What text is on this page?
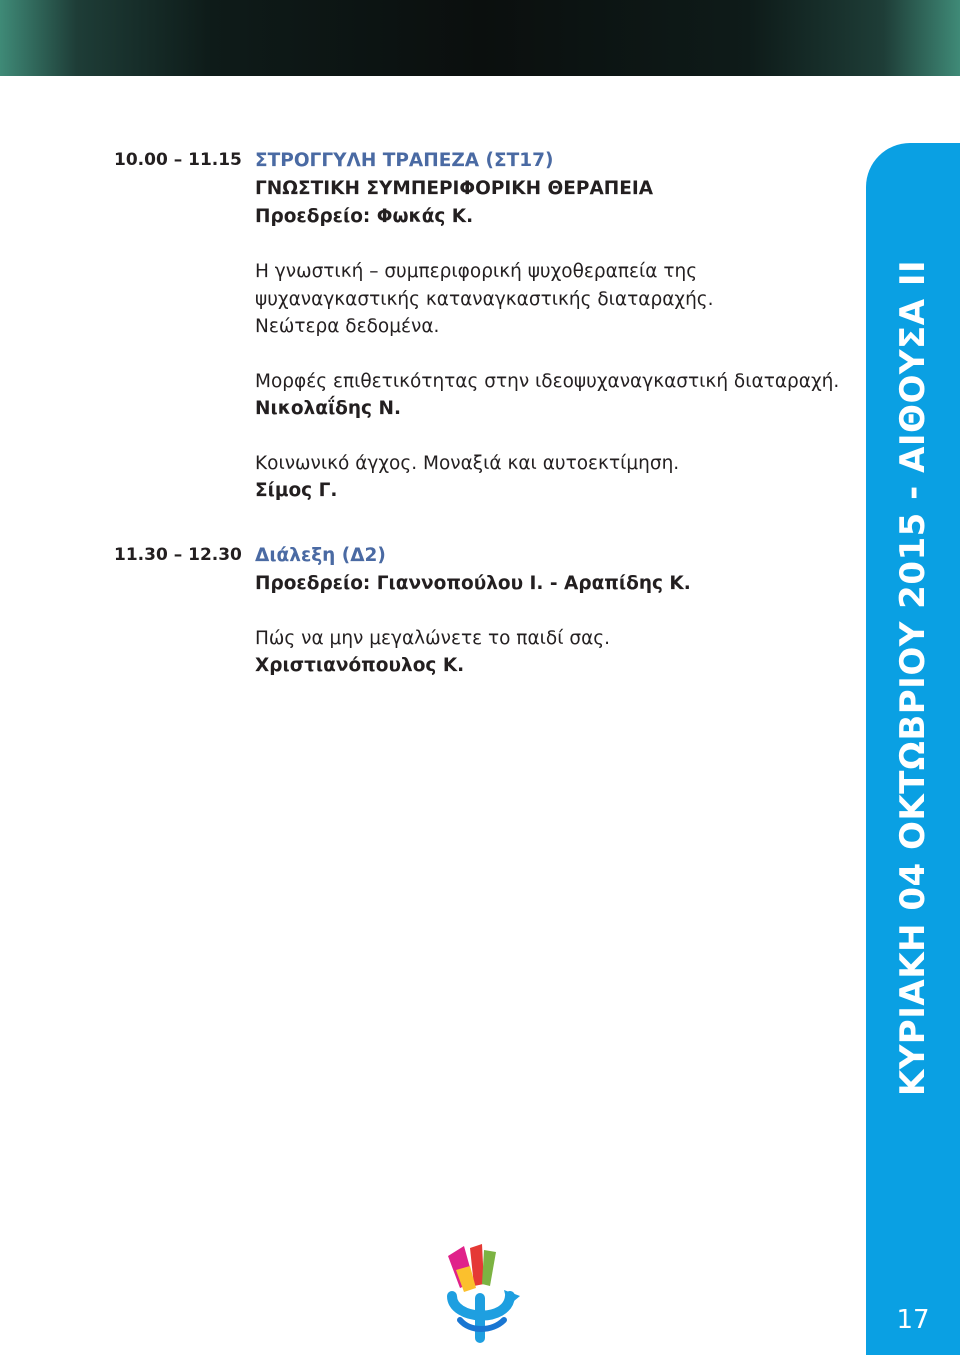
10.00 – 11.15 ΣΤΡΟΓΓΥΛΗ ΤΡΑΠΕΖΑ (ΣΤ17)
ΓΝΩΣΤΙΚΗ ΣΥΜΠΕΡΙΦΟΡΙΚΗ ΘΕΡΑΠΕΙΑ
Προεδρείο: Φωκάς Κ.
Η γνωστική – συμπεριφορική ψυχοθεραπεία της
ψυχαναγκαστικής καταναγκαστικής διαταραχής.
Νεώτερα δεδομένα.
Μορφές επιθετικότητας στην ιδεοψυχαναγκαστική διαταραχή.
Νικολαΐδης Ν.
Κοινωνικό άγχος. Μοναξιά και αυτοεκτίμηση.
Σίμος Γ.
11.30 – 12.30 Διάλεξη (Δ2)
Προεδρείο: Γιαννοπούλου Ι. - Αραπίδης Κ.
Πώς να μην μεγαλώνετε το παιδί σας.
Χριστιανόπουλος Κ.	ΚΥΡΙΑΚΗ 04 ΟΚΤΩΒΡΙΟΥ 2015 - ΑΙΘΟΥΣΑ ΙΙ
17
